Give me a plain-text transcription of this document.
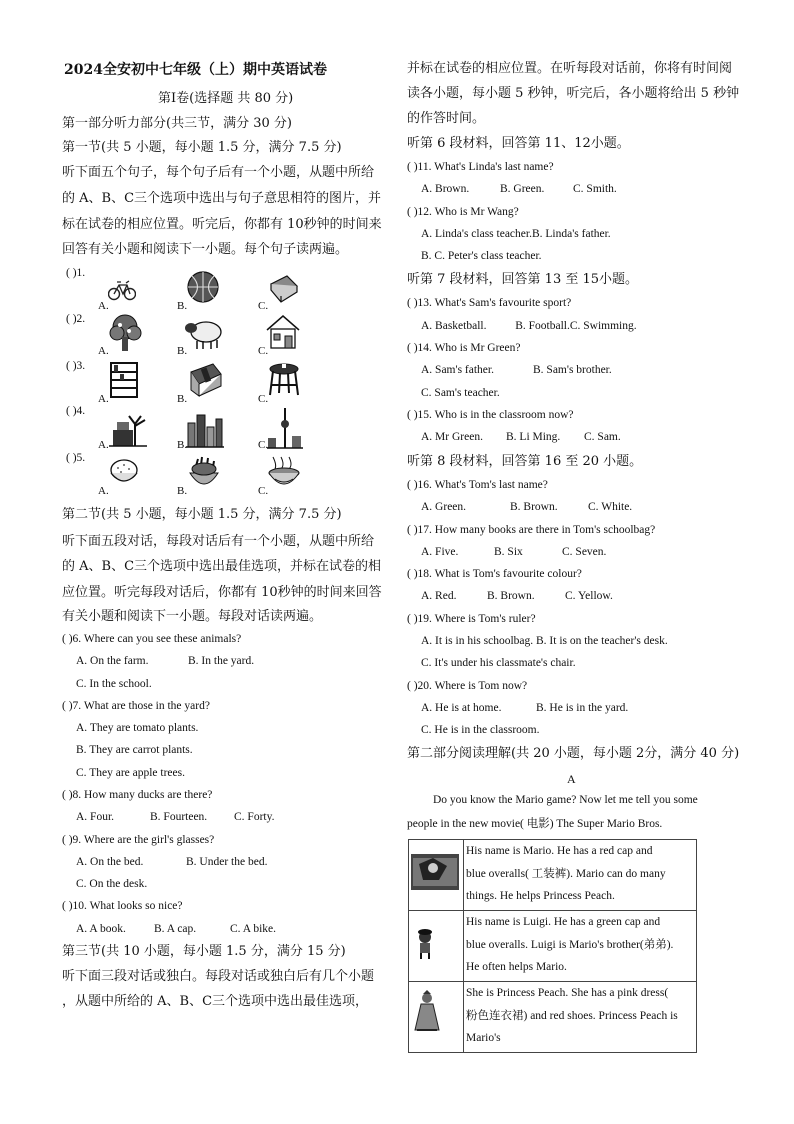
2024全安初中七年级（上）期中英语试卷
第Ⅰ卷(选择题 共 80 分)
第一部分听力部分(共三节，满分 30 分)
第一节(共 5 小题，每小题 1.5 分，满分 7.5 分)
听下面五个句子，每个句子后有一个小题，从题中所给
的 A、B、C三个选项中选出与句子意思相符的图片，并
标在试卷的相应位置。听完后，你都有 10秒钟的时间来
回答有关小题和阅读下一小题。每个句子读两遍。
( )1.
A.	B.	C.
( )2.
A.	B.	C.
( )3.
A.	B.	C.
( )4.
A.	B.	C.
( )5.
A.	B.	C.
第二节(共 5 小题，每小题 1.5 分，满分 7.5 分)
听下面五段对话，每段对话后有一个小题，从题中所给
的 A、B、C三个选项中选出最佳选项，并标在试卷的相
应位置。听完每段对话后，你都有 10秒钟的时间来回答
有关小题和阅读下一小题。每段对话读两遍。
( )6. Where can you see these animals?
A. On the farm.	B. In the yard.
C. In the school.
( )7. What are those in the yard?
A. They are tomato plants.
B. They are carrot plants.
C. They are apple trees.
( )8. How many ducks are there?
A. Four.	B. Fourteen. C. Forty.
( )9. Where are the girl's glasses?
A. On the bed.	B. Under the bed.
C. On the desk.
( )10. What looks so nice?
A. A book. B. A cap.	C. A bike.
第三节(共 10 小题，每小题 1.5 分，满分 15 分)
听下面三段对话或独白。每段对话或独白后有几个小题
，从题中所给的 A、B、C三个选项中选出最佳选项，
并标在试卷的相应位置。在听每段对话前，你将有时间阅
读各小题，每小题 5 秒钟，听完后，各小题将给出 5 秒钟
的作答时间。
听第 6 段材料，回答第 11、12小题。
( )11. What's Linda's last name?
A. Brown.	B. Green. C. Smith.
( )12. Who is Mr Wang?
A. Linda's class teacher.B. Linda's father.
B. C. Peter's class teacher.
听第 7 段材料，回答第 13 至 15小题。
( )13. What's Sam's favourite sport?
A. Basketball.          B. Football.C. Swimming.
( )14. Who is Mr Green?
A. Sam's father.	B. Sam's brother.
C. Sam's teacher.
( )15. Who is in the classroom now?
A. Mr Green. B. Li Ming. C. Sam.
听第 8 段材料，回答第 16 至 20 小题。
( )16. What's Tom's last name?
A. Green.	B. Brown.	C. White.
( )17. How many books are there in Tom's schoolbag?
A. Five.	B. Six	C. Seven.
( )18. What is Tom's favourite colour?
A. Red.	B. Brown.	C. Yellow.
( )19. Where is Tom's ruler?
A. It is in his schoolbag. B. It is on the teacher's desk.
C. It's under his classmate's chair.
( )20. Where is Tom now?
A. He is at home.	B. He is in the yard.
C. He is in the classroom.
第二部分阅读理解(共 20 小题，每小题 2分，满分 40 分)
A
Do you know the Mario game? Now let me tell you some
people in the new movie( 电影) The Super Mario Bros.

His name is Mario. He has a red cap and
blue overalls( 工装裤). Mario can do many
things. He helps Princess Peach.

His name is Luigi. He has a green cap and
blue overalls. Luigi is Mario's brother(弟弟).
He often helps Mario.

She is Princess Peach. She has a pink dress(
粉色连衣裙) and red shoes. Princess Peach is
Mario's
